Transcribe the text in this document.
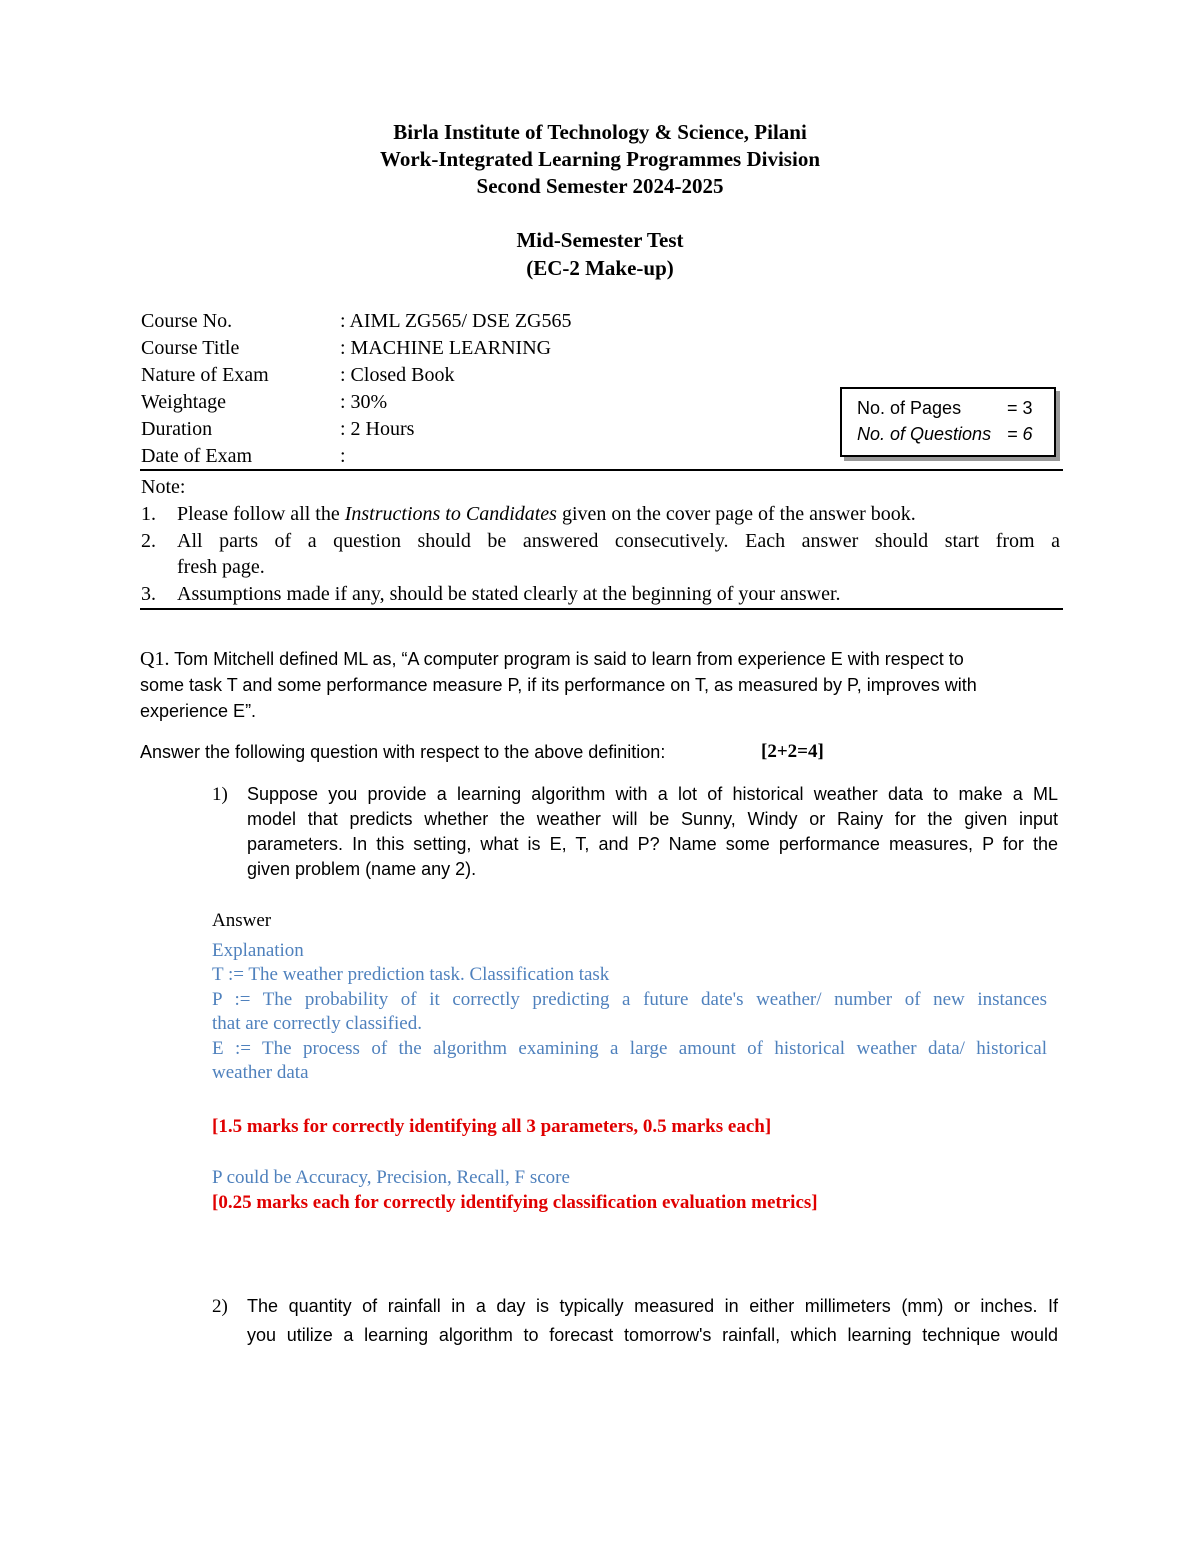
Birla Institute of Technology & Science, Pilani
Work-Integrated Learning Programmes Division
Second Semester 2024-2025
Mid-Semester Test
(EC-2 Make-up)
Course No.	: AIML ZG565/ DSE ZG565
Course Title	: MACHINE LEARNING
Nature of Exam	: Closed Book
Weightage	: 30%
Duration	: 2 Hours
Date of Exam	:
No. of Pages	= 3
No. of Questions = 6
Note:
1. Please follow all the Instructions to Candidates given on the cover page of the answer book.
2. All parts of a question should be answered consecutively. Each answer should start from a
fresh page.
3. Assumptions made if any, should be stated clearly at the beginning of your answer.
Q1. Tom Mitchell defined ML as, “A computer program is said to learn from experience E with respect to
some task T and some performance measure P, if its performance on T, as measured by P, improves with
experience E”.
Answer the following question with respect to the above definition:	[2+2=4]
1) Suppose you provide a learning algorithm with a lot of historical weather data to make a ML
model that predicts whether the weather will be Sunny, Windy or Rainy for the given input
parameters. In this setting, what is E, T, and P? Name some performance measures, P for the
given problem (name any 2).
Answer
Explanation
T := The weather prediction task. Classification task
P := The probability of it correctly predicting a future date's weather/ number of new instances
that are correctly classified.
E := The process of the algorithm examining a large amount of historical weather data/ historical
weather data
[1.5 marks for correctly identifying all 3 parameters, 0.5 marks each]
P could be Accuracy, Precision, Recall, F score
[0.25 marks each for correctly identifying classification evaluation metrics]
2) The quantity of rainfall in a day is typically measured in either millimeters (mm) or inches. If
you utilize a learning algorithm to forecast tomorrow's rainfall, which learning technique would
